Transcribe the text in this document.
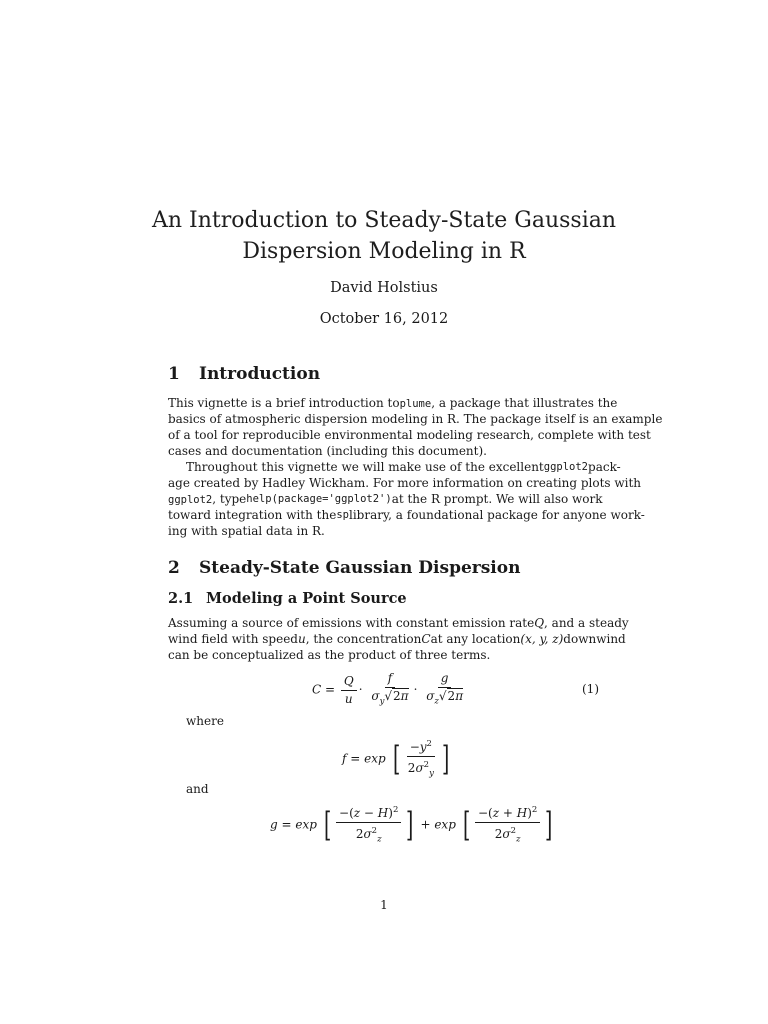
An Introduction to Steady-State Gaussian
Dispersion Modeling in R
David Holstius
October 16, 2012
1 Introduction
This vignette is a brief introduction to plume, a package that illustrates the
basics of atmospheric dispersion modeling in R. The package itself is an example
of a tool for reproducible environmental modeling research, complete with test
cases and documentation (including this document).
Throughout this vignette we will make use of the excellent ggplot2 pack-
age created by Hadley Wickham. For more information on creating plots with
ggplot2, type help(package='ggplot2') at the R prompt. We will also work
toward integration with the sp library, a foundational package for anyone work-
ing with spatial data in R.
2 Steady-State Gaussian Dispersion
2.1 Modeling a Point Source
Assuming a source of emissions with constant emission rate Q, and a steady
wind field with speed u, the concentration C at any location (x, y, z) downwind
can be conceptualized as the product of three terms.
$C = \frac{Q}{u} \cdot \frac{f}{\sigma_y√2\pi} \cdot \frac{g}{\sigma_z√2\pi}$	(1)
where
f = exp [ $\frac{-y^2}{2\sigma^2_y}$ ]
and
g = exp [ $\frac{-(z - H)^2}{2\sigma^2_z}$ ] + exp [ $\frac{-(z + H)^2}{2\sigma^2_z}$ ]
1
